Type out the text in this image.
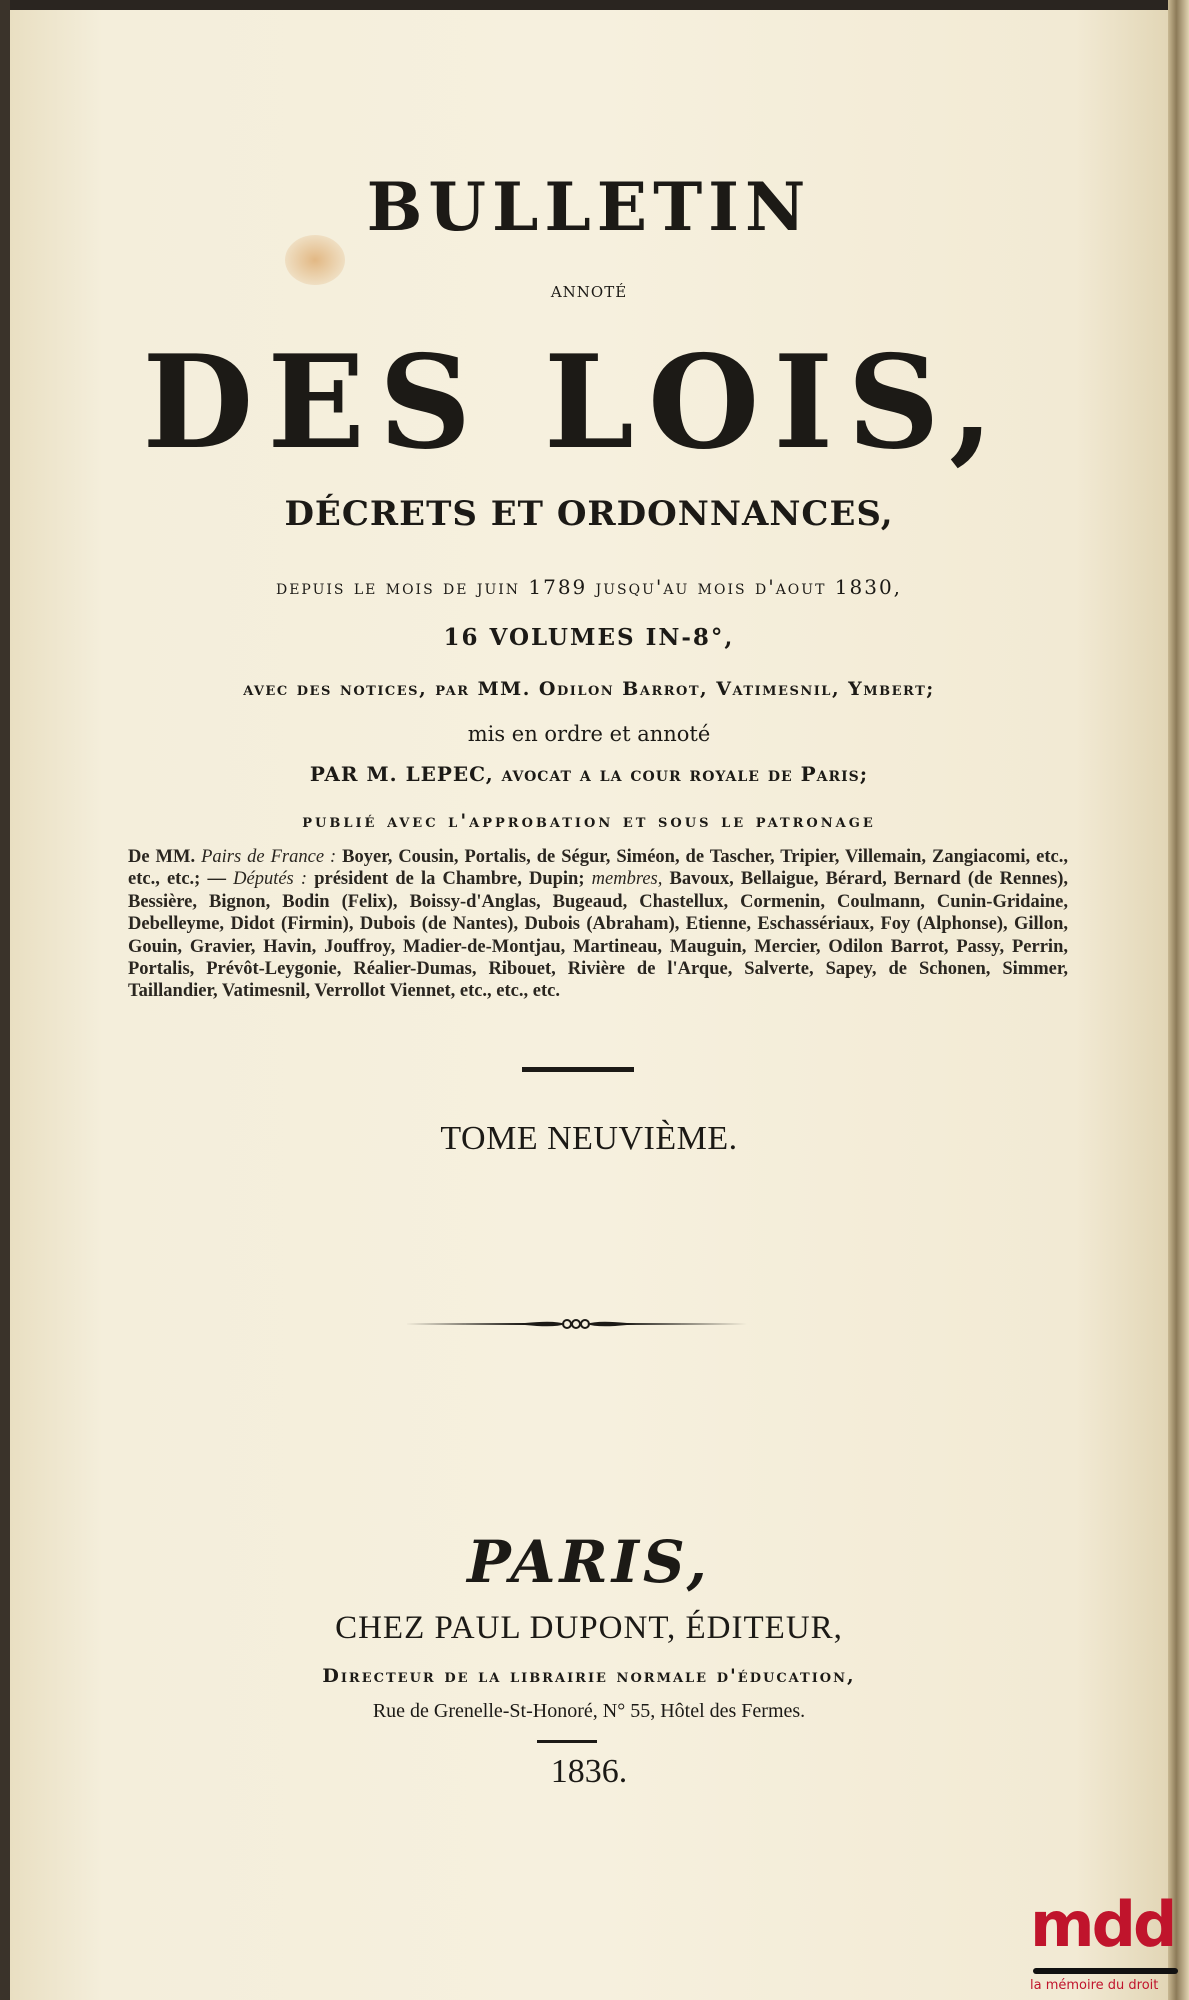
BULLETIN
annoté
DES LOIS,
DÉCRETS ET ORDONNANCES,
depuis le mois de juin 1789 jusqu'au mois d'aout 1830,
16 VOLUMES IN-8°,
avec des notices, par MM. Odilon Barrot, Vatimesnil, Ymbert;
mis en ordre et annoté
PAR M. LEPEC, avocat a la cour royale de Paris;
publié avec l'approbation et sous le patronage
De MM. Pairs de France : Boyer, Cousin, Portalis, de Ségur, Siméon, de Tascher, Tripier, Villemain, Zangiacomi, etc., etc., etc.; — Députés : président de la Chambre, Dupin; membres, Bavoux, Bellaigue, Bérard, Bernard (de Rennes), Bessière, Bignon, Bodin (Felix), Boissy-d'Anglas, Bugeaud, Chastellux, Cormenin, Coulmann, Cunin-Gridaine, Debelleyme, Didot (Firmin), Dubois (de Nantes), Dubois (Abraham), Etienne, Eschassériaux, Foy (Alphonse), Gillon, Gouin, Gravier, Havin, Jouffroy, Madier-de-Montjau, Martineau, Mauguin, Mercier, Odilon Barrot, Passy, Perrin, Portalis, Prévôt-Leygonie, Réalier-Dumas, Ribouet, Rivière de l'Arque, Salverte, Sapey, de Schonen, Simmer, Taillandier, Vatimesnil, Verrollot Viennet, etc., etc., etc.
TOME NEUVIÈME.
PARIS,
CHEZ PAUL DUPONT, ÉDITEUR,
Directeur de la librairie normale d'éducation,
Rue de Grenelle-St-Honoré, N° 55, Hôtel des Fermes.
1836.
mdd
la mémoire du droit
